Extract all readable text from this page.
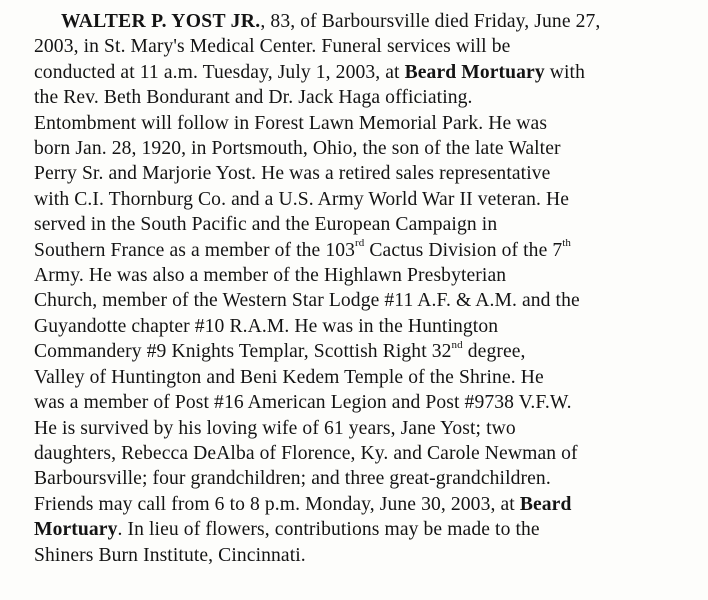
WALTER P. YOST JR., 83, of Barboursville died Friday, June 27,
2003, in St. Mary's Medical Center. Funeral services will be
conducted at 11 a.m. Tuesday, July 1, 2003, at Beard Mortuary with
the Rev. Beth Bondurant and Dr. Jack Haga officiating.
Entombment will follow in Forest Lawn Memorial Park. He was
born Jan. 28, 1920, in Portsmouth, Ohio, the son of the late Walter
Perry Sr. and Marjorie Yost. He was a retired sales representative
with C.I. Thornburg Co. and a U.S. Army World War II veteran. He
served in the South Pacific and the European Campaign in
Southern France as a member of the 103rd Cactus Division of the 7th
Army. He was also a member of the Highlawn Presbyterian
Church, member of the Western Star Lodge #11 A.F. & A.M. and the
Guyandotte chapter #10 R.A.M. He was in the Huntington
Commandery #9 Knights Templar, Scottish Right 32nd degree,
Valley of Huntington and Beni Kedem Temple of the Shrine. He
was a member of Post #16 American Legion and Post #9738 V.F.W.
He is survived by his loving wife of 61 years, Jane Yost; two
daughters, Rebecca DeAlba of Florence, Ky. and Carole Newman of
Barboursville; four grandchildren; and three great-grandchildren.
Friends may call from 6 to 8 p.m. Monday, June 30, 2003, at Beard
Mortuary. In lieu of flowers, contributions may be made to the
Shiners Burn Institute, Cincinnati.
